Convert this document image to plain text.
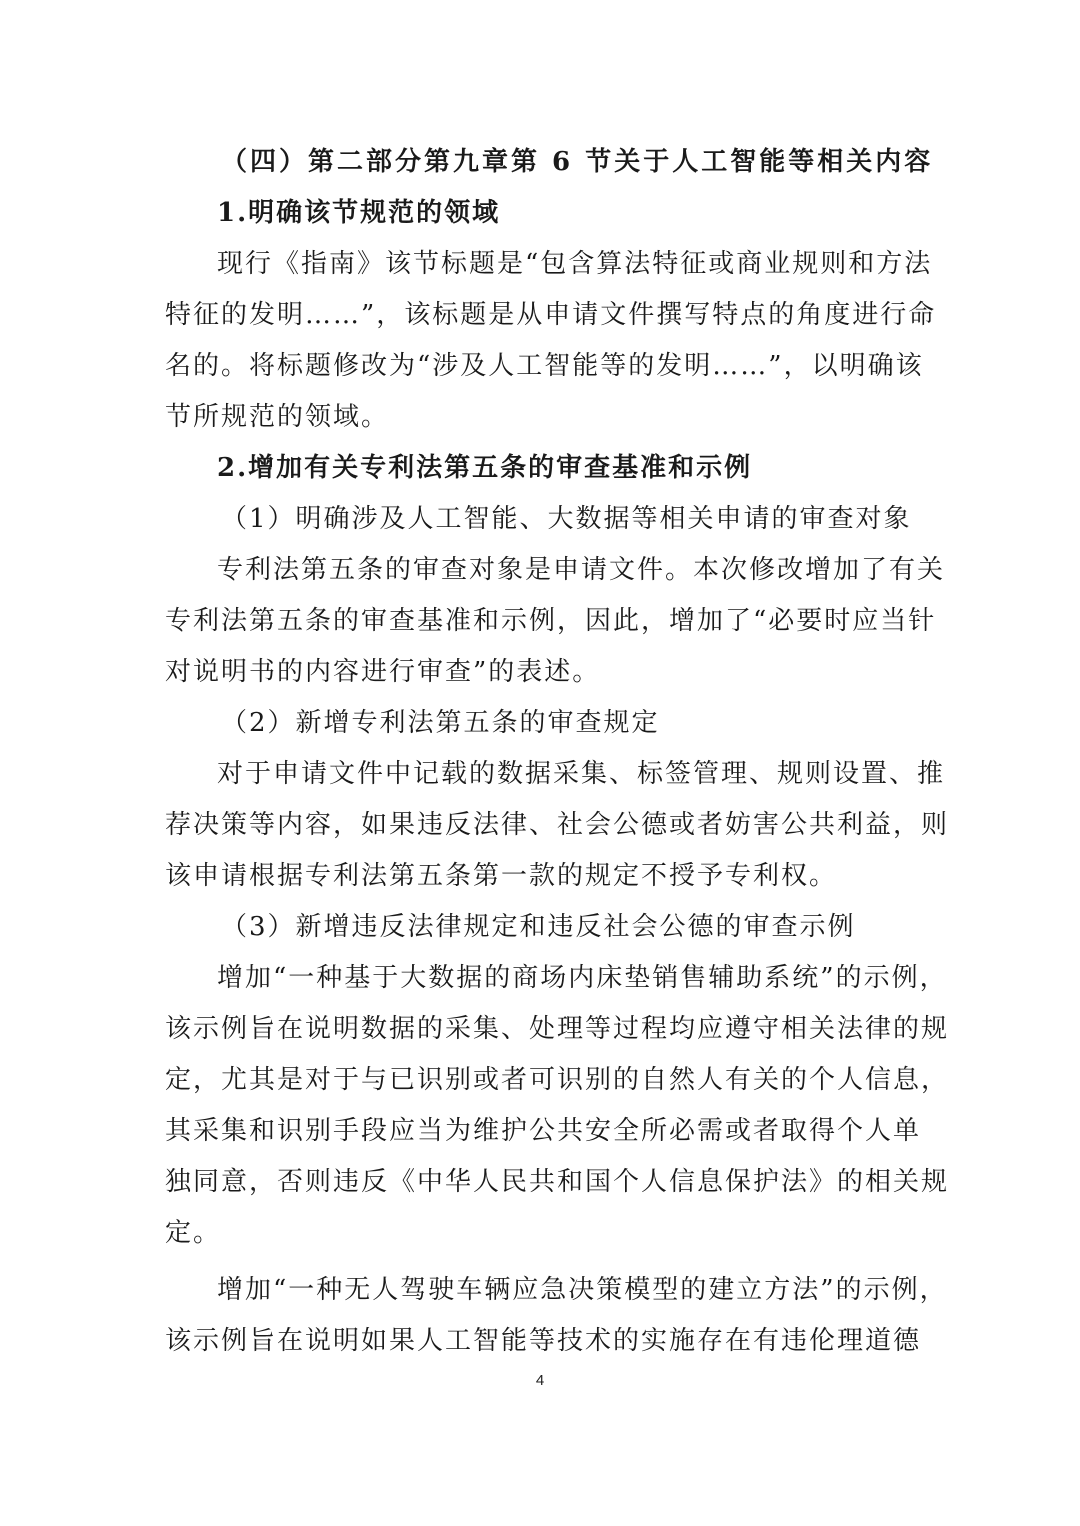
（四）第二部分第九章第 6 节关于人工智能等相关内容
1.明确该节规范的领域
现行《指南》该节标题是“包含算法特征或商业规则和方法
特征的发明……”，该标题是从申请文件撰写特点的角度进行命
名的。将标题修改为“涉及人工智能等的发明……”，以明确该
节所规范的领域。
2.增加有关专利法第五条的审查基准和示例
（1）明确涉及人工智能、大数据等相关申请的审查对象
专利法第五条的审查对象是申请文件。本次修改增加了有关
专利法第五条的审查基准和示例，因此，增加了“必要时应当针
对说明书的内容进行审查”的表述。
（2）新增专利法第五条的审查规定
对于申请文件中记载的数据采集、标签管理、规则设置、推
荐决策等内容，如果违反法律、社会公德或者妨害公共利益，则
该申请根据专利法第五条第一款的规定不授予专利权。
（3）新增违反法律规定和违反社会公德的审查示例
增加“一种基于大数据的商场内床垫销售辅助系统”的示例，
该示例旨在说明数据的采集、处理等过程均应遵守相关法律的规
定，尤其是对于与已识别或者可识别的自然人有关的个人信息，
其采集和识别手段应当为维护公共安全所必需或者取得个人单
独同意，否则违反《中华人民共和国个人信息保护法》的相关规
定。
增加“一种无人驾驶车辆应急决策模型的建立方法”的示例，
该示例旨在说明如果人工智能等技术的实施存在有违伦理道德
4
